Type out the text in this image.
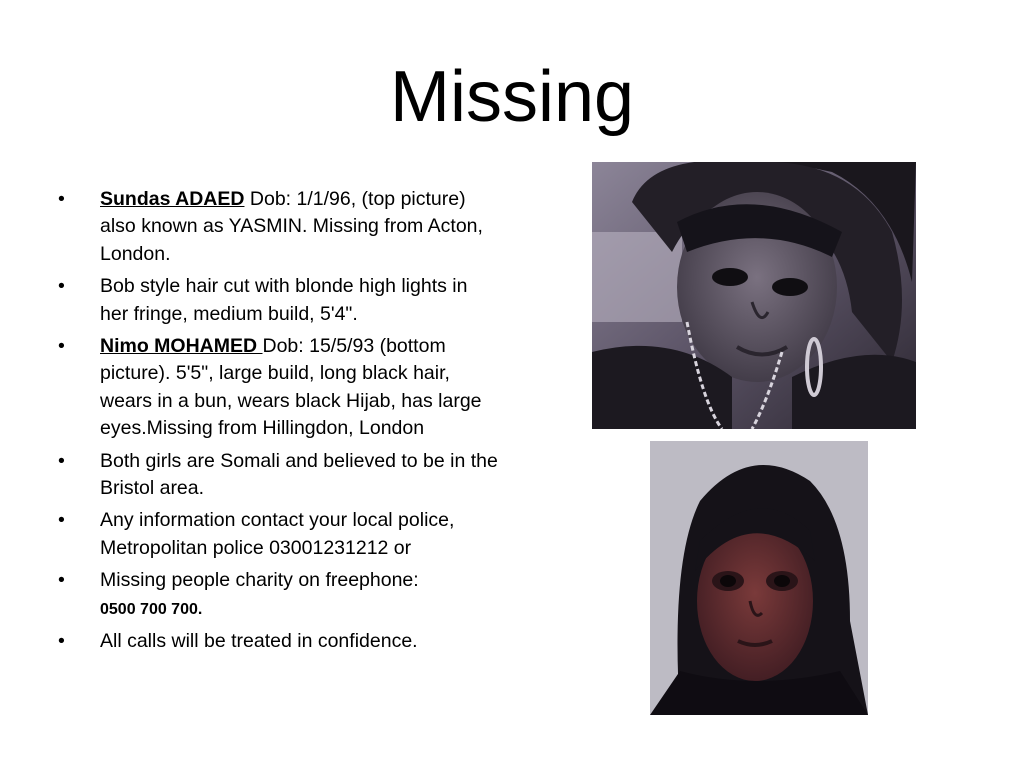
Missing
•	Sundas ADAED Dob: 1/1/96, (top picture) also known as YASMIN. Missing from Acton, London.
•	Bob style hair cut with blonde high lights in her fringe, medium build, 5'4".
•	Nimo MOHAMED Dob: 15/5/93 (bottom picture). 5'5", large build, long black hair, wears in a bun, wears black Hijab, has large eyes.Missing from Hillingdon, London
•	Both girls are Somali and believed to be in the Bristol area.
•	Any information contact your local police, Metropolitan police 03001231212 or
•	Missing people charity on freephone:
0500 700 700.
•	All calls will be treated in confidence.
